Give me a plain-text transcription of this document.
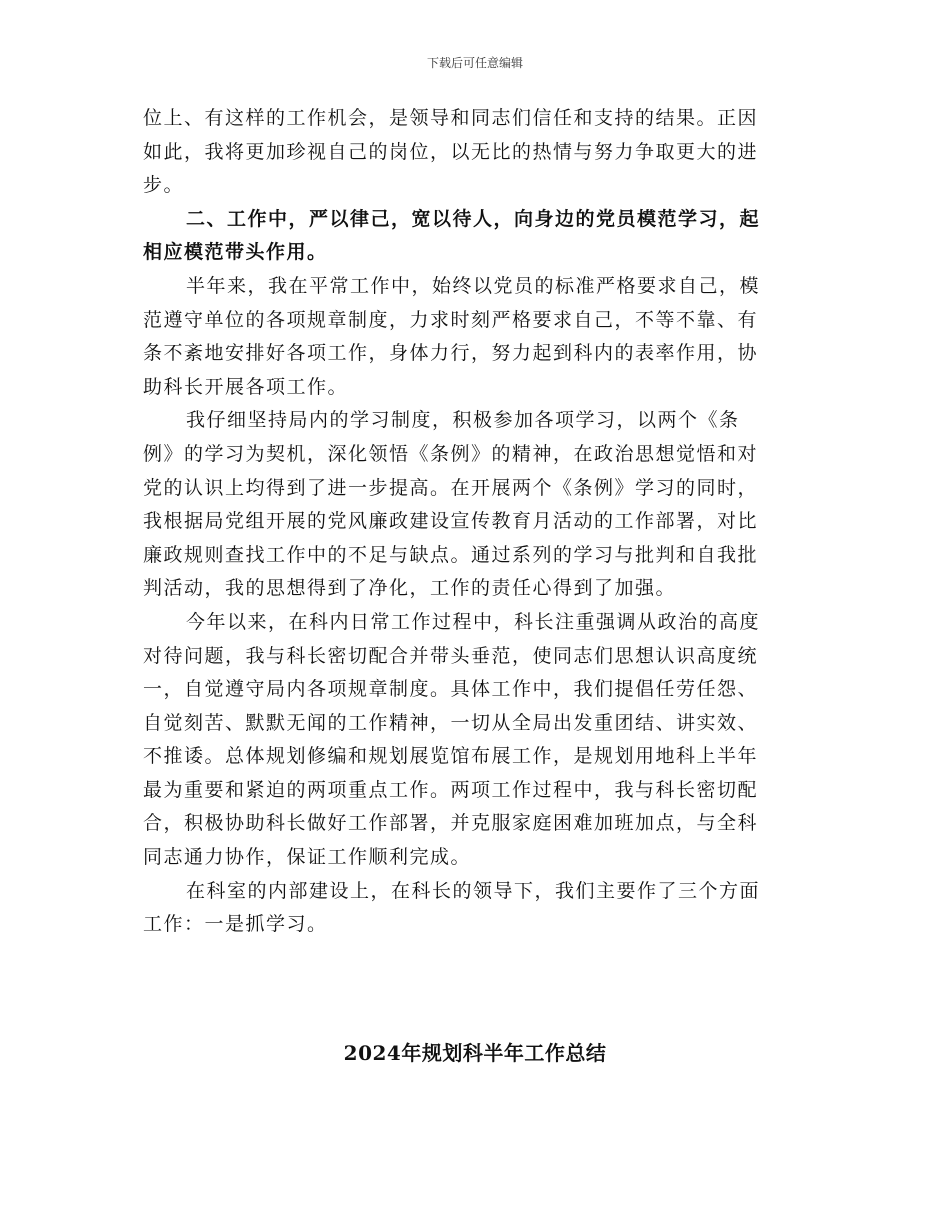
下载后可任意编辑

位上、有这样的工作机会，是领导和同志们信任和支持的结果。正因
如此，我将更加珍视自己的岗位，以无比的热情与努力争取更大的进
步。

二、工作中，严以律己，宽以待人，向身边的党员模范学习，起
相应模范带头作用。

半年来，我在平常工作中，始终以党员的标准严格要求自己，模
范遵守单位的各项规章制度，力求时刻严格要求自己，不等不靠、有
条不紊地安排好各项工作，身体力行，努力起到科内的表率作用，协
助科长开展各项工作。

我仔细坚持局内的学习制度，积极参加各项学习，以两个《条
例》的学习为契机，深化领悟《条例》的精神，在政治思想觉悟和对
党的认识上均得到了进一步提高。在开展两个《条例》学习的同时，
我根据局党组开展的党风廉政建设宣传教育月活动的工作部署，对比
廉政规则查找工作中的不足与缺点。通过系列的学习与批判和自我批
判活动，我的思想得到了净化，工作的责任心得到了加强。

今年以来，在科内日常工作过程中，科长注重强调从政治的高度
对待问题，我与科长密切配合并带头垂范，使同志们思想认识高度统
一，自觉遵守局内各项规章制度。具体工作中，我们提倡任劳任怨、
自觉刻苦、默默无闻的工作精神，一切从全局出发重团结、讲实效、
不推诿。总体规划修编和规划展览馆布展工作，是规划用地科上半年
最为重要和紧迫的两项重点工作。两项工作过程中，我与科长密切配
合，积极协助科长做好工作部署，并克服家庭困难加班加点，与全科
同志通力协作，保证工作顺利完成。

在科室的内部建设上，在科长的领导下，我们主要作了三个方面
工作：一是抓学习。

2024年规划科半年工作总结
